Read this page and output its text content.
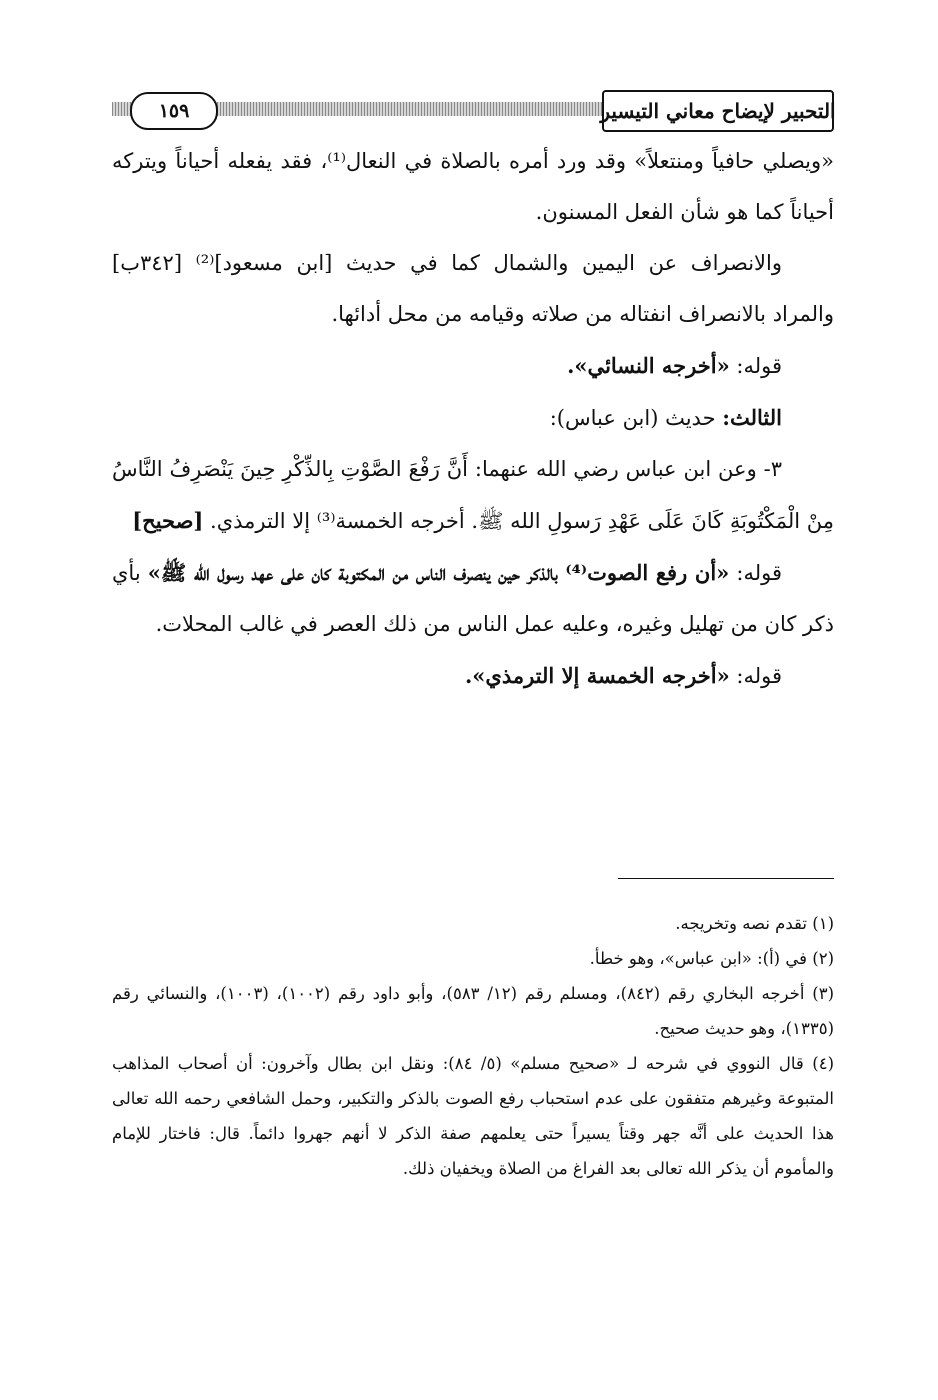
١٥٩	التحبير لإيضاح معاني التيسير

«ويصلي حافياً ومنتعلاً» وقد ورد أمره بالصلاة في النعال⁽¹⁾، فقد يفعله أحياناً ويتركه أحياناً كما هو شأن الفعل المسنون.

والانصراف عن اليمين والشمال كما في حديث [ابن مسعود]⁽²⁾ [٣٤٢ب] والمراد بالانصراف انفتاله من صلاته وقيامه من محل أدائها.

قوله: «أخرجه النسائي».

الثالث: حديث (ابن عباس):

٣- وعن ابن عباس رضي الله عنهما: أَنَّ رَفْعَ الصَّوْتِ بِالذِّكْرِ حِينَ يَنْصَرِفُ النَّاسُ مِنْ الْمَكْتُوبَةِ كَانَ عَلَى عَهْدِ رَسولِ الله ﷺ. أخرجه الخمسة⁽³⁾ إلا الترمذي. [صحيح]

قوله: «أن رفع الصوت⁽⁴⁾ بالذكر حين ينصرف الناس من المكتوبة كان على عهد رسول الله ﷺ» بأي ذكر كان من تهليل وغيره، وعليه عمل الناس من ذلك العصر في غالب المحلات.

قوله: «أخرجه الخمسة إلا الترمذي».

(١) تقدم نصه وتخريجه.

(٢) في (أ): «ابن عباس»، وهو خطأ.

(٣) أخرجه البخاري رقم (٨٤٢)، ومسلم رقم (١٢/ ٥٨٣)، وأبو داود رقم (١٠٠٢)، (١٠٠٣)، والنسائي رقم (١٣٣٥)، وهو حديث صحيح.

(٤) قال النووي في شرحه لـ «صحيح مسلم» (٥/ ٨٤): ونقل ابن بطال وآخرون: أن أصحاب المذاهب المتبوعة وغيرهم متفقون على عدم استحباب رفع الصوت بالذكر والتكبير، وحمل الشافعي رحمه الله تعالى هذا الحديث على أنَّه جهر وقتاً يسيراً حتى يعلمهم صفة الذكر لا أنهم جهروا دائماً. قال: فاختار للإمام والمأموم أن يذكر الله تعالى بعد الفراغ من الصلاة ويخفيان ذلك.
